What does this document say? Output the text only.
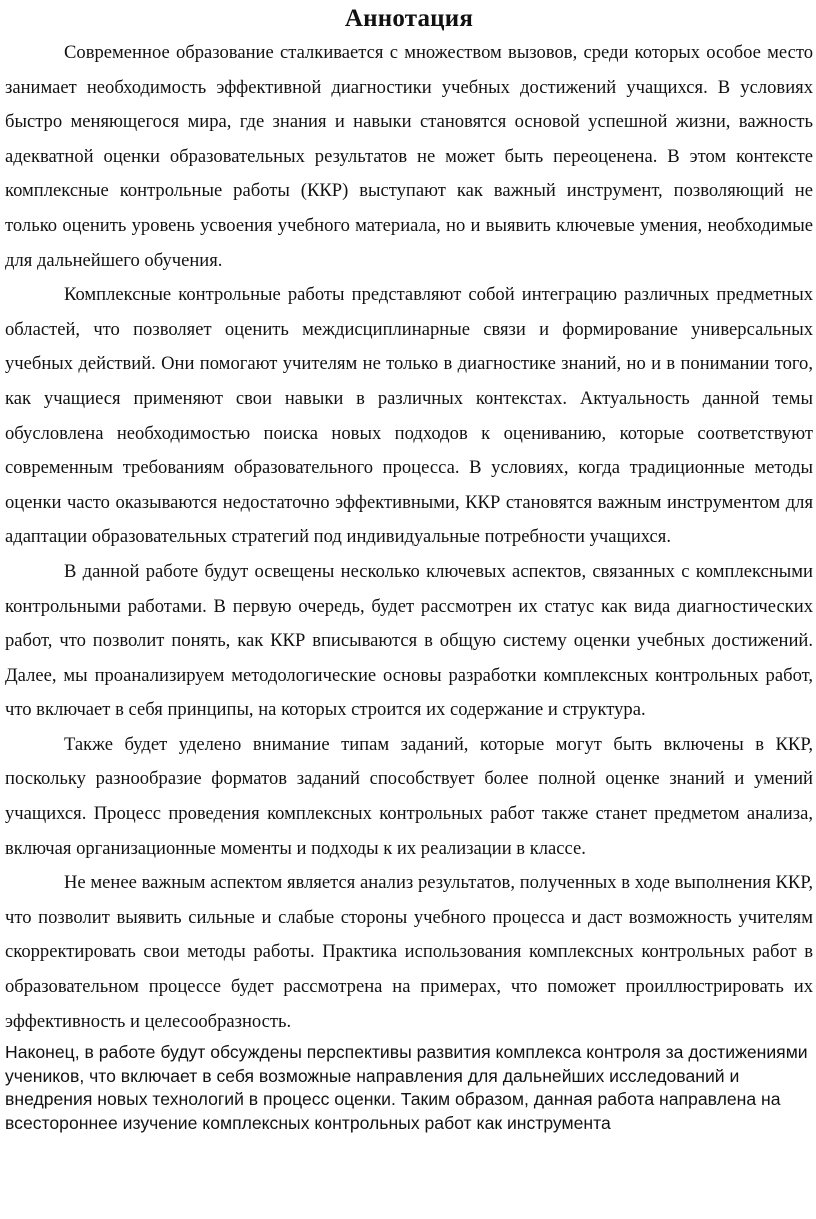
Аннотация

Современное образование сталкивается с множеством вызовов, среди которых особое место занимает необходимость эффективной диагностики учебных достижений учащихся. В условиях быстро меняющегося мира, где знания и навыки становятся основой успешной жизни, важность адекватной оценки образовательных результатов не может быть переоценена. В этом контексте комплексные контрольные работы (ККР) выступают как важный инструмент, позволяющий не только оценить уровень усвоения учебного материала, но и выявить ключевые умения, необходимые для дальнейшего обучения.

Комплексные контрольные работы представляют собой интеграцию различных предметных областей, что позволяет оценить междисциплинарные связи и формирование универсальных учебных действий. Они помогают учителям не только в диагностике знаний, но и в понимании того, как учащиеся применяют свои навыки в различных контекстах. Актуальность данной темы обусловлена необходимостью поиска новых подходов к оцениванию, которые соответствуют современным требованиям образовательного процесса. В условиях, когда традиционные методы оценки часто оказываются недостаточно эффективными, ККР становятся важным инструментом для адаптации образовательных стратегий под индивидуальные потребности учащихся.

В данной работе будут освещены несколько ключевых аспектов, связанных с комплексными контрольными работами. В первую очередь, будет рассмотрен их статус как вида диагностических работ, что позволит понять, как ККР вписываются в общую систему оценки учебных достижений. Далее, мы проанализируем методологические основы разработки комплексных контрольных работ, что включает в себя принципы, на которых строится их содержание и структура.

Также будет уделено внимание типам заданий, которые могут быть включены в ККР, поскольку разнообразие форматов заданий способствует более полной оценке знаний и умений учащихся. Процесс проведения комплексных контрольных работ также станет предметом анализа, включая организационные моменты и подходы к их реализации в классе.

Не менее важным аспектом является анализ результатов, полученных в ходе выполнения ККР, что позволит выявить сильные и слабые стороны учебного процесса и даст возможность учителям скорректировать свои методы работы. Практика использования комплексных контрольных работ в образовательном процессе будет рассмотрена на примерах, что поможет проиллюстрировать их эффективность и целесообразность.

Наконец, в работе будут обсуждены перспективы развития комплекса контроля за достижениями учеников, что включает в себя возможные направления для дальнейших исследований и внедрения новых технологий в процесс оценки. Таким образом, данная работа направлена на всестороннее изучение комплексных контрольных работ как инструмента
